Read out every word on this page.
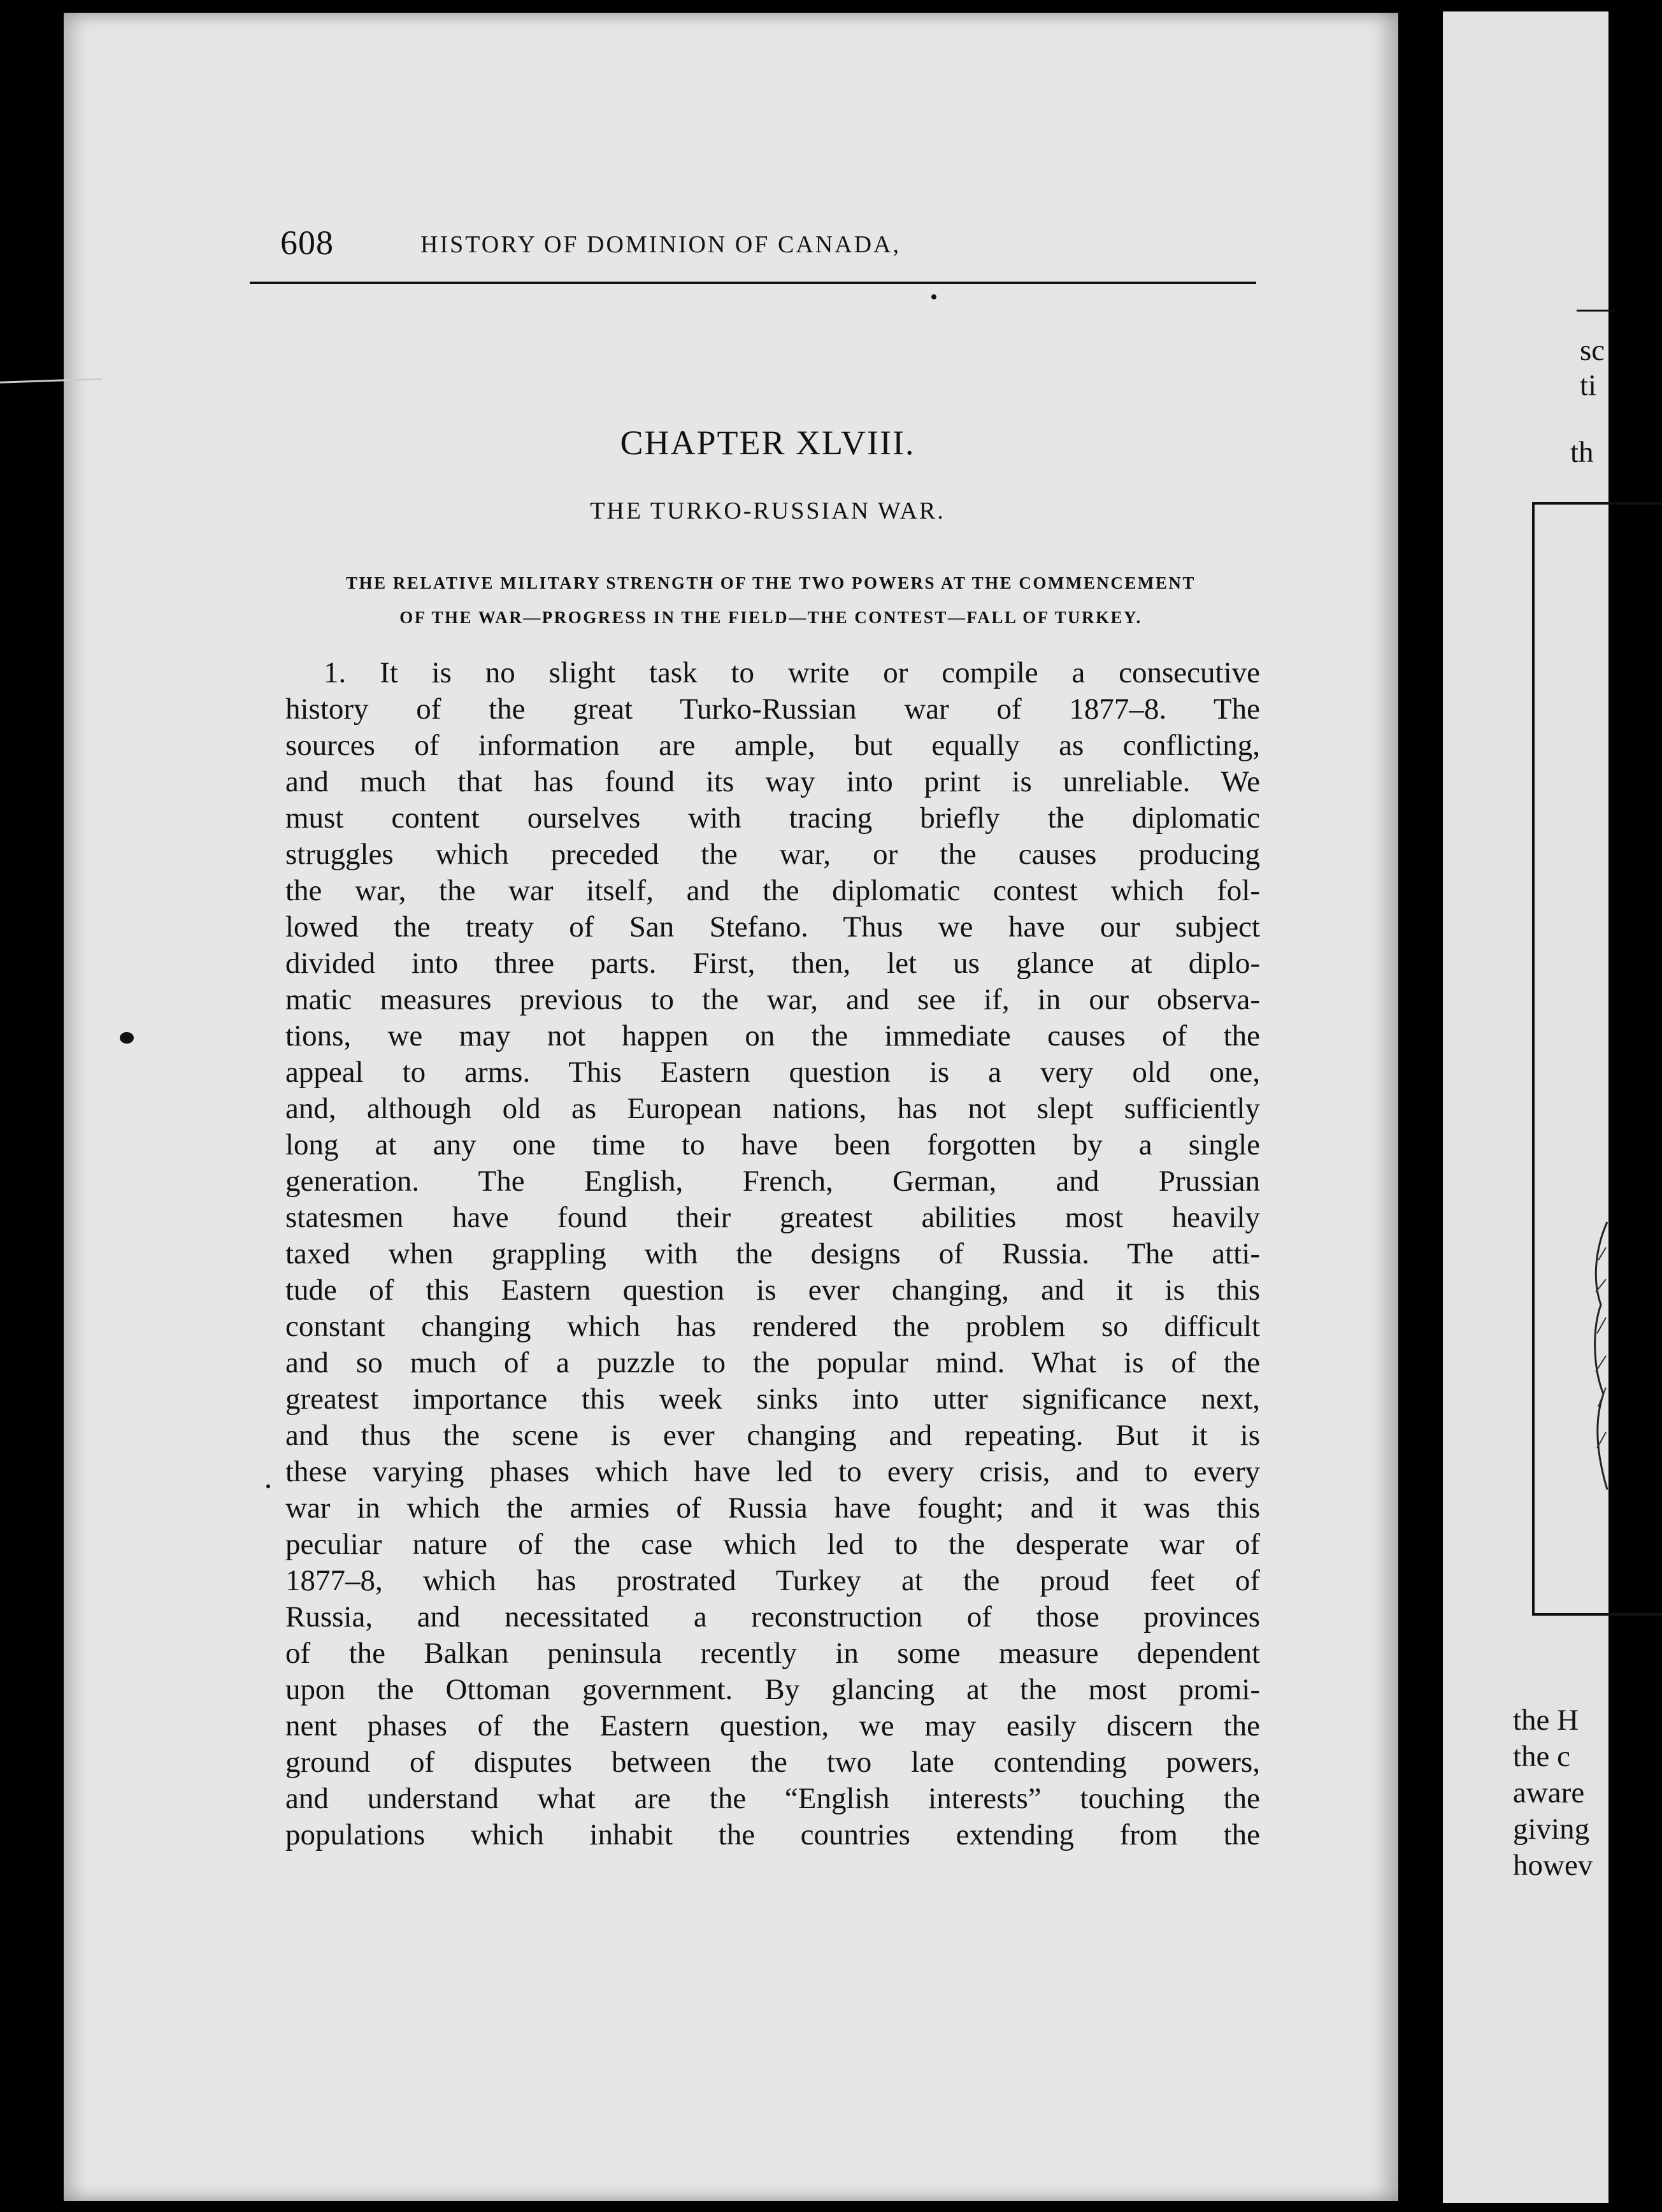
608	HISTORY OF DOMINION OF CANADA,
CHAPTER XLVIII.
THE TURKO-RUSSIAN WAR.
THE RELATIVE MILITARY STRENGTH OF THE TWO POWERS AT THE COMMENCEMENT
OF THE WAR—PROGRESS IN THE FIELD—THE CONTEST—FALL OF TURKEY.
1. It is no slight task to write or compile a consecutive
history of the great Turko-Russian war of 1877–8. The
sources of information are ample, but equally as conflicting,
and much that has found its way into print is unreliable. We
must content ourselves with tracing briefly the diplomatic
struggles which preceded the war, or the causes producing
the war, the war itself, and the diplomatic contest which fol-
lowed the treaty of San Stefano. Thus we have our subject
divided into three parts. First, then, let us glance at diplo-
matic measures previous to the war, and see if, in our observa-
tions, we may not happen on the immediate causes of the
appeal to arms. This Eastern question is a very old one,
and, although old as European nations, has not slept sufficiently
long at any one time to have been forgotten by a single
generation. The English, French, German, and Prussian
statesmen have found their greatest abilities most heavily
taxed when grappling with the designs of Russia. The atti-
tude of this Eastern question is ever changing, and it is this
constant changing which has rendered the problem so difficult
and so much of a puzzle to the popular mind. What is of the
greatest importance this week sinks into utter significance next,
and thus the scene is ever changing and repeating. But it is
these varying phases which have led to every crisis, and to every
war in which the armies of Russia have fought; and it was this
peculiar nature of the case which led to the desperate war of
1877–8, which has prostrated Turkey at the proud feet of
Russia, and necessitated a reconstruction of those provinces
of the Balkan peninsula recently in some measure dependent
upon the Ottoman government. By glancing at the most promi-
nent phases of the Eastern question, we may easily discern the
ground of disputes between the two late contending powers,
and understand what are the “English interests” touching the
populations which inhabit the countries extending from the
sc
ti
th
the H
the c
aware
giving
howev
